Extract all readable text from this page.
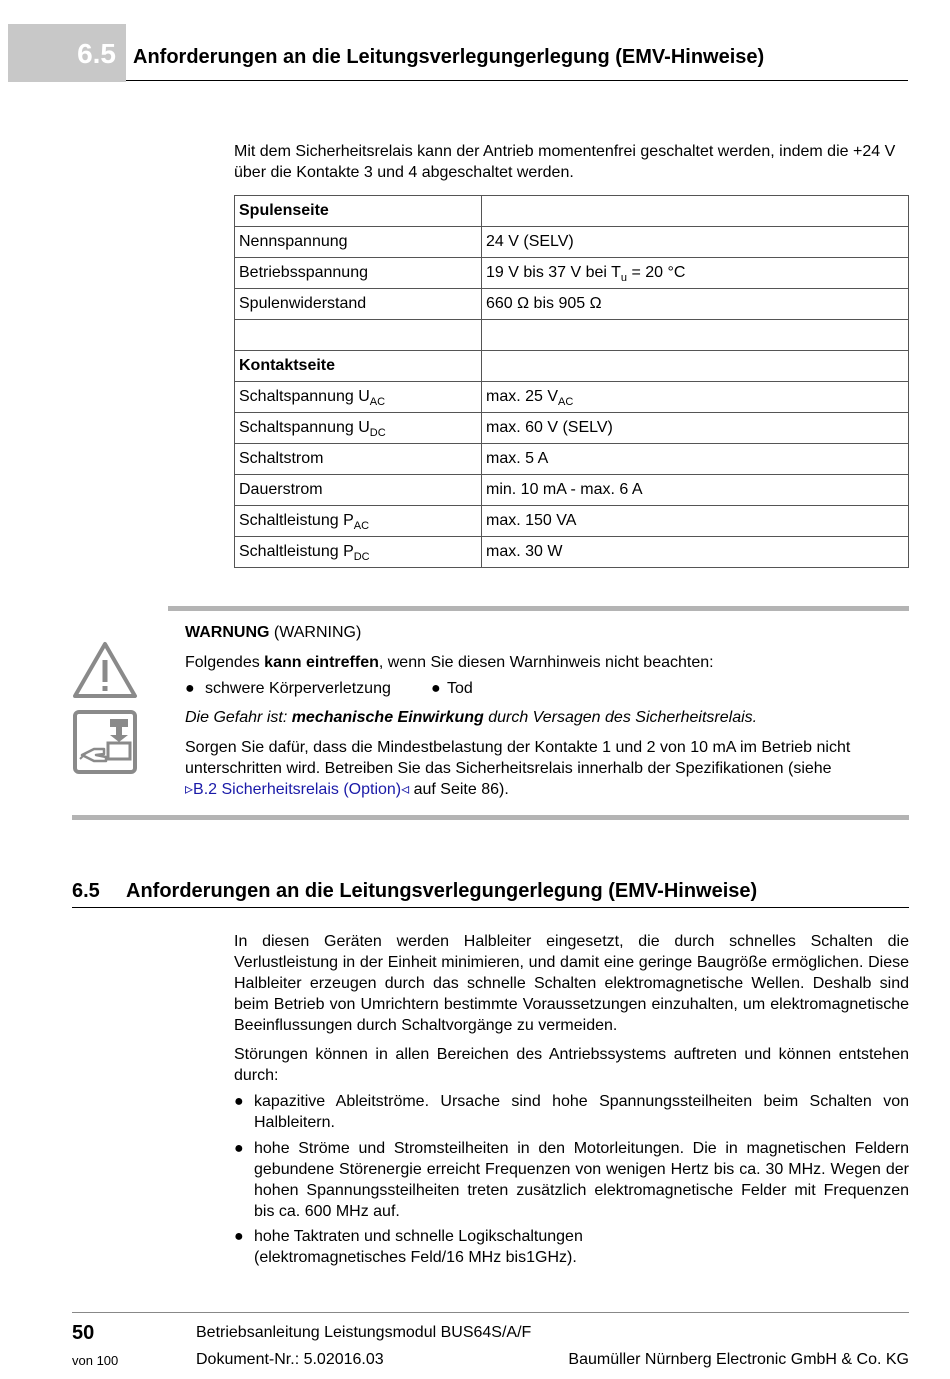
6.5 Anforderungen an die Leitungsverlegungerlegung (EMV-Hinweise)
Mit dem Sicherheitsrelais kann der Antrieb momentenfrei geschaltet werden, indem die +24 V über die Kontakte 3 und 4 abgeschaltet werden.
Spulenseite	
Nennspannung	24 V (SELV)
Betriebsspannung	19 V bis 37 V bei $T_u = 20$ °C
Spulenwiderstand	660 Ω bis 905 Ω

Kontaktseite	
Schaltspannung $U_{AC}$	max. 25 $V_{AC}$
Schaltspannung $U_{DC}$	max. 60 V (SELV)
Schaltstrom	max. 5 A
Dauerstrom	min. 10 mA - max. 6 A
Schaltleistung $P_{AC}$	max. 150 VA
Schaltleistung $P_{DC}$	max. 30 W
WARNUNG (WARNING)
Folgendes kann eintreffen, wenn Sie diesen Warnhinweis nicht beachten:
● schwere Körperverletzung	● Tod
Die Gefahr ist: mechanische Einwirkung durch Versagen des Sicherheitsrelais.
Sorgen Sie dafür, dass die Mindestbelastung der Kontakte 1 und 2 von 10 mA im Betrieb nicht
unterschritten wird. Betreiben Sie das Sicherheitsrelais innerhalb der Spezifikationen (siehe
▹B.2 Sicherheitsrelais (Option)◃ auf Seite 86).
6.5 Anforderungen an die Leitungsverlegungerlegung (EMV-Hinweise)
In diesen Geräten werden Halbleiter eingesetzt, die durch schnelles Schalten die Verlustleistung in der Einheit minimieren, und damit eine geringe Baugröße ermöglichen. Diese Halbleiter erzeugen durch das schnelle Schalten elektromagnetische Wellen. Deshalb sind beim Betrieb von Umrichtern bestimmte Voraussetzungen einzuhalten, um elektromagnetische Beeinflussungen durch Schaltvorgänge zu vermeiden.
Störungen können in allen Bereichen des Antriebssystems auftreten und können entstehen durch:
● kapazitive Ableitströme. Ursache sind hohe Spannungssteilheiten beim Schalten von Halbleitern.
● hohe Ströme und Stromsteilheiten in den Motorleitungen. Die in magnetischen Feldern gebundene Störenergie erreicht Frequenzen von wenigen Hertz bis ca. 30 MHz. Wegen der hohen Spannungssteilheiten treten zusätzlich elektromagnetische Felder mit Frequenzen bis ca. 600 MHz auf.
● hohe Taktraten und schnelle Logikschaltungen
(elektromagnetisches Feld/16 MHz bis1GHz).
50
von 100
Betriebsanleitung Leistungsmodul BUS64S/A/F
Dokument-Nr.: 5.02016.03	Baumüller Nürnberg Electronic GmbH & Co. KG
